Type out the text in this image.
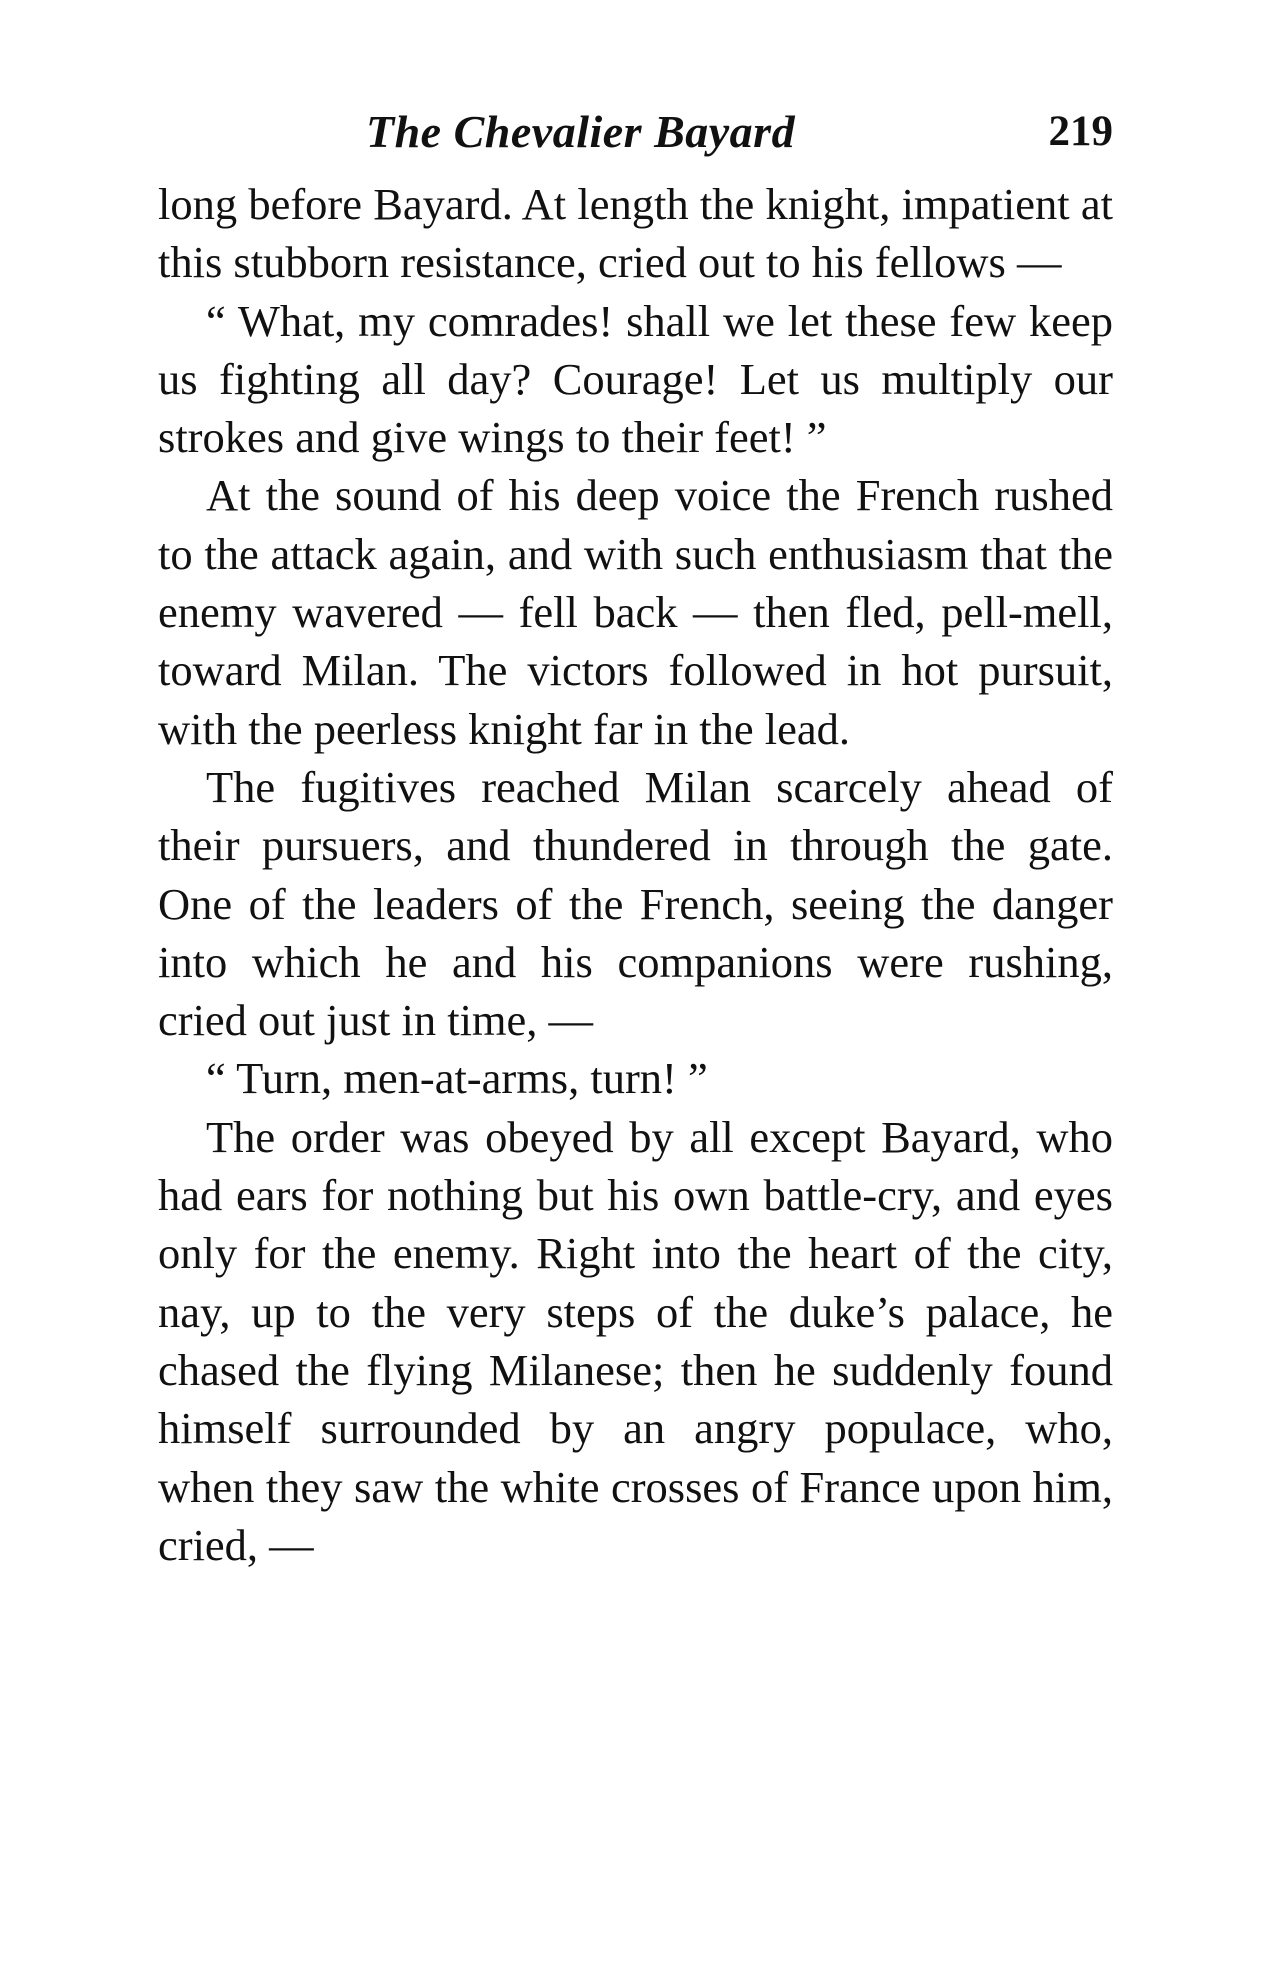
The Chevalier Bayard	219

long before Bayard. At length the knight, impatient at this stubborn resistance, cried out to his fellows —

“ What, my comrades! shall we let these few keep us fighting all day? Courage! Let us multiply our strokes and give wings to their feet! ”

At the sound of his deep voice the French rushed to the attack again, and with such enthusiasm that the enemy wavered — fell back — then fled, pell-mell, toward Milan. The victors followed in hot pursuit, with the peerless knight far in the lead.

The fugitives reached Milan scarcely ahead of their pursuers, and thundered in through the gate. One of the leaders of the French, seeing the danger into which he and his companions were rushing, cried out just in time, —

“ Turn, men-at-arms, turn! ”

The order was obeyed by all except Bayard, who had ears for nothing but his own battle-cry, and eyes only for the enemy. Right into the heart of the city, nay, up to the very steps of the duke’s palace, he chased the flying Milanese; then he suddenly found himself surrounded by an angry populace, who, when they saw the white crosses of France upon him, cried, —
